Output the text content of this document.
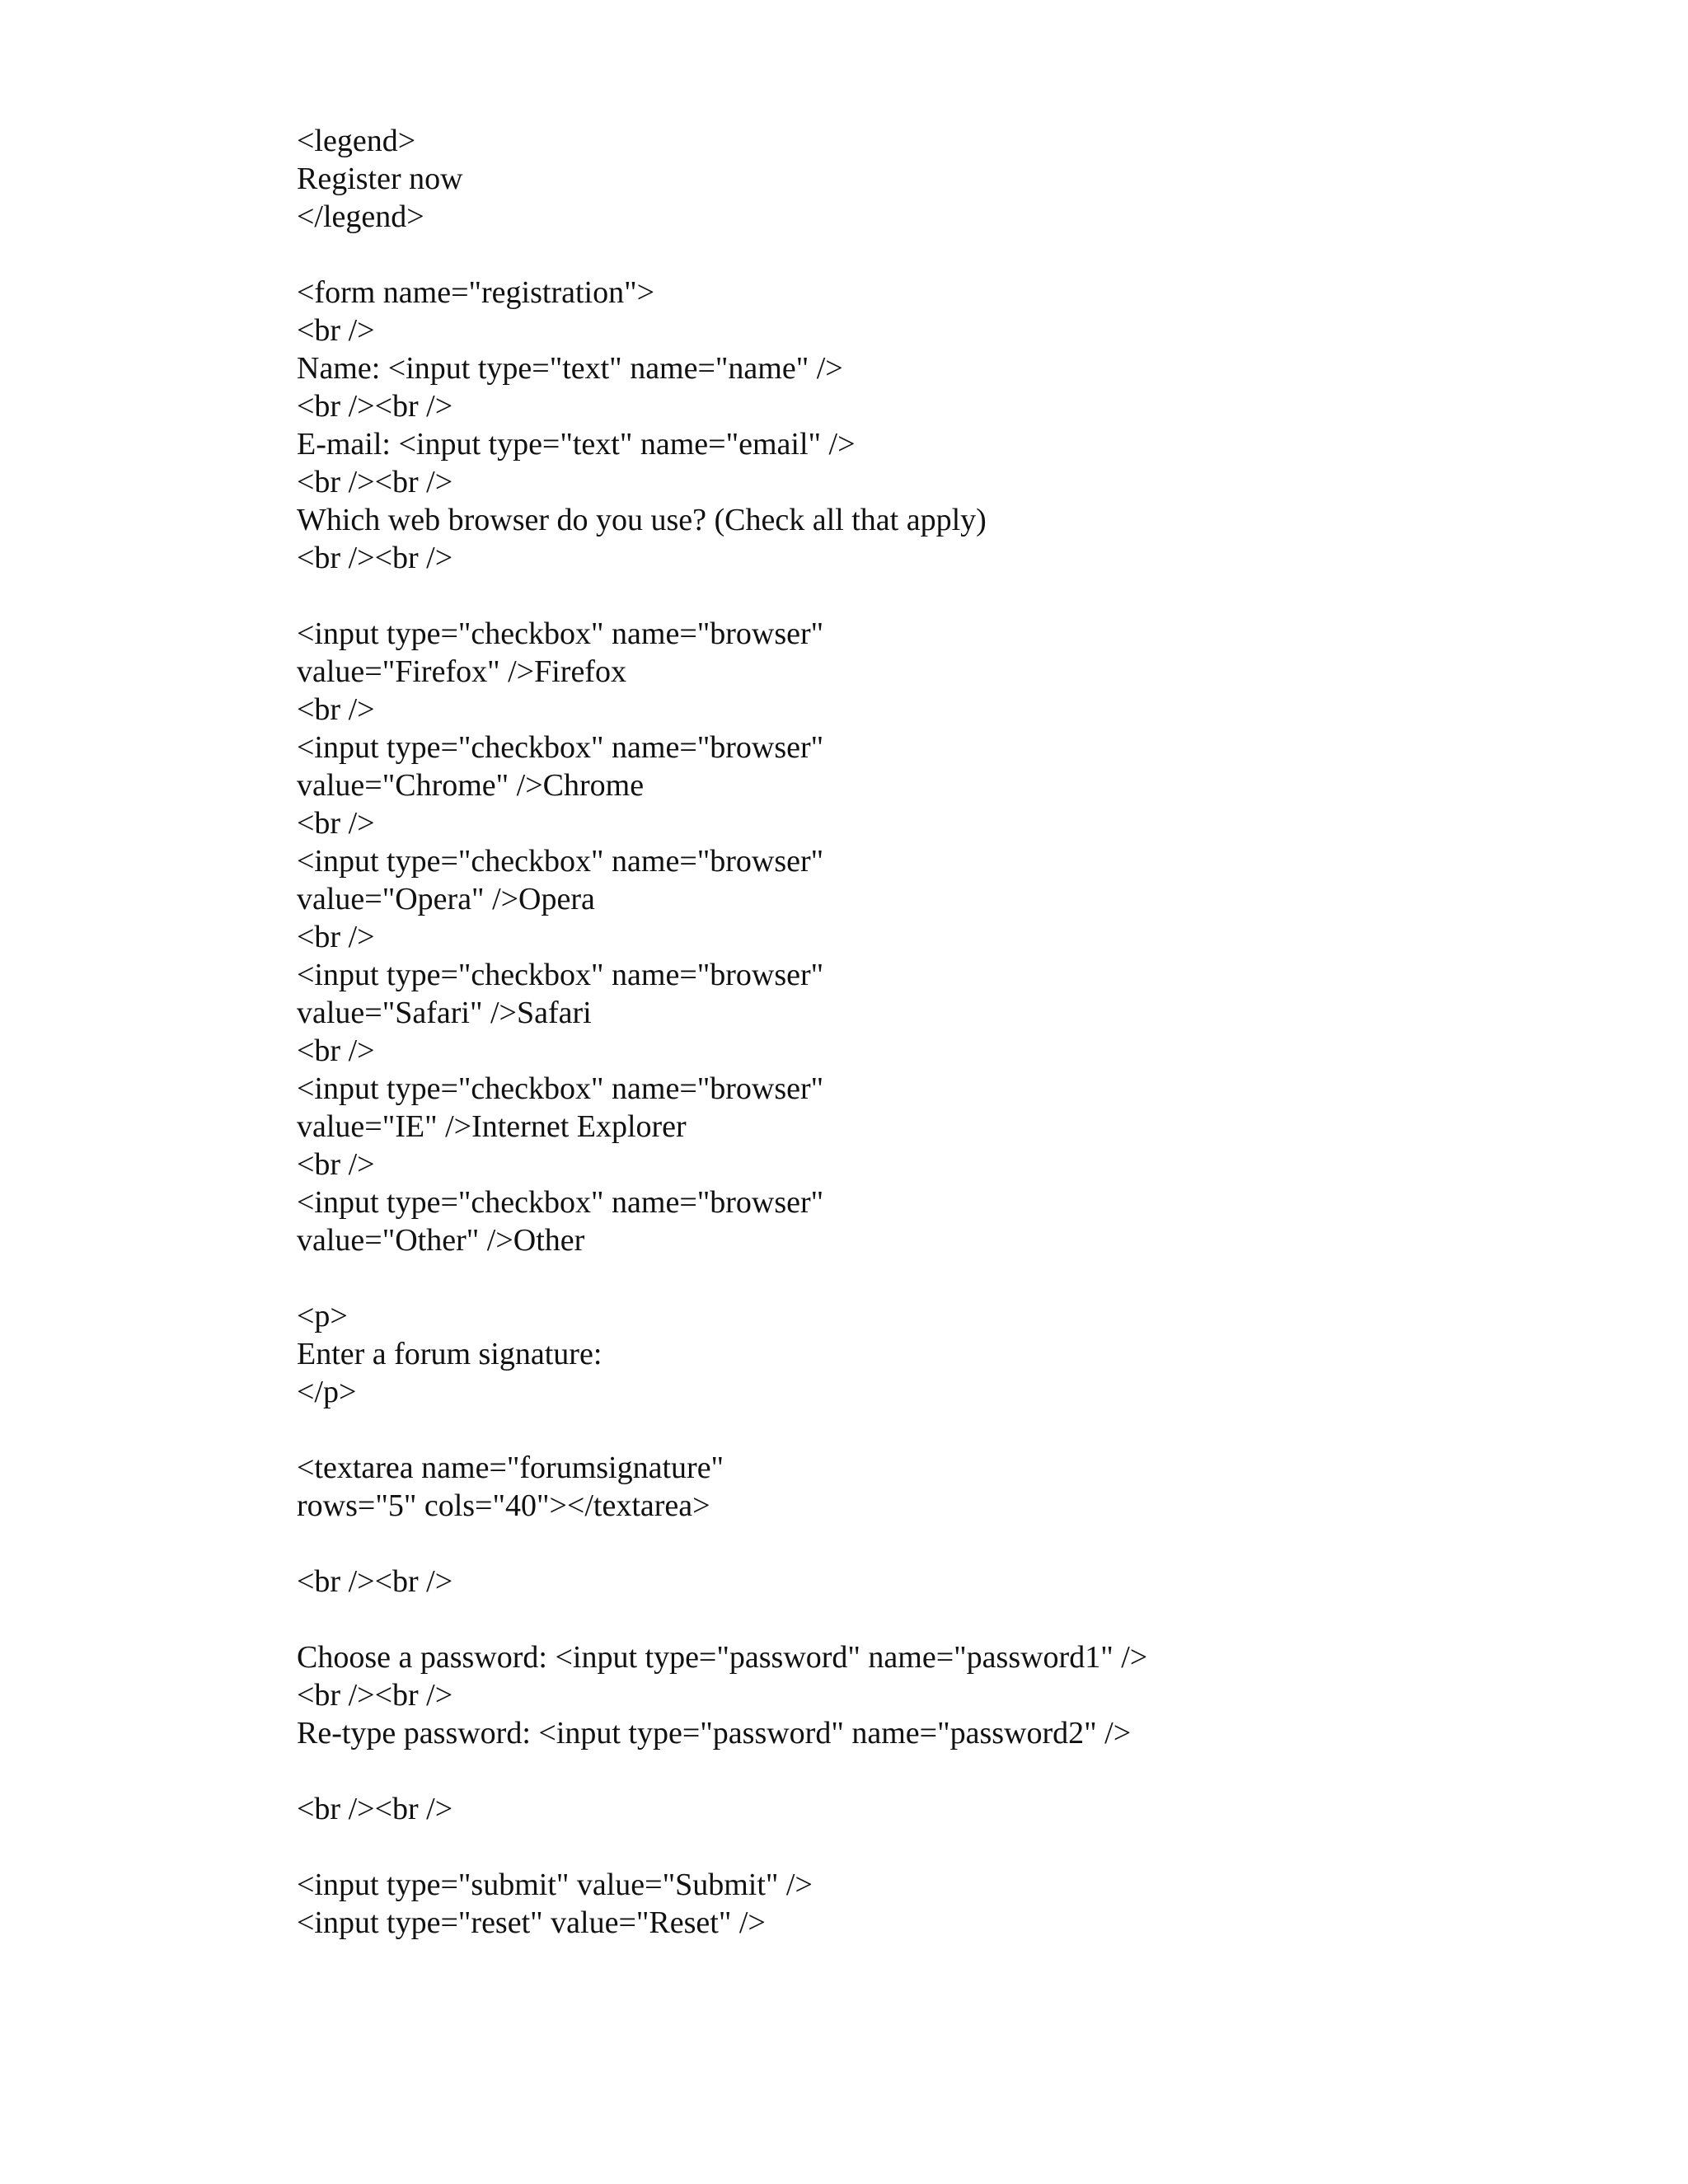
<legend>
Register now
</legend>
<form name="registration">
<br />
Name: <input type="text" name="name" />
<br /><br />
E-mail: <input type="text" name="email" />
<br /><br />
Which web browser do you use? (Check all that apply)
<br /><br />
<input type="checkbox" name="browser"
value="Firefox" />Firefox
<br />
<input type="checkbox" name="browser"
value="Chrome" />Chrome
<br />
<input type="checkbox" name="browser"
value="Opera" />Opera
<br />
<input type="checkbox" name="browser"
value="Safari" />Safari
<br />
<input type="checkbox" name="browser"
value="IE" />Internet Explorer
<br />
<input type="checkbox" name="browser"
value="Other" />Other
<p>
Enter a forum signature:
</p>
<textarea name="forumsignature"
rows="5" cols="40"></textarea>
<br /><br />
Choose a password: <input type="password" name="password1" />
<br /><br />
Re-type password: <input type="password" name="password2" />
<br /><br />
<input type="submit" value="Submit" />
<input type="reset" value="Reset" />
